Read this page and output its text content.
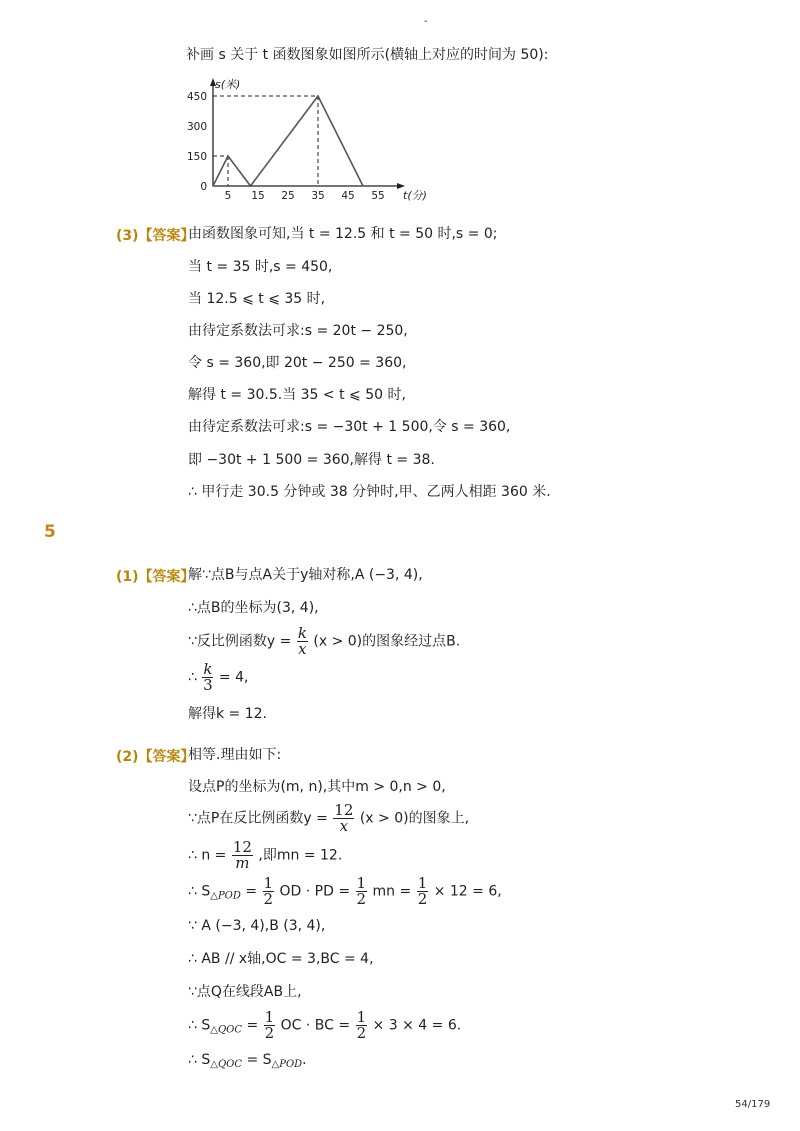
-
补画 s 关于 t 函数图象如图所示(横轴上对应的时间为 50):
450
300
150
0
5 15 25 35 45 55
s(米)
t(分)
(3)【答案】
由函数图象可知,当 t = 12.5 和 t = 50 时,s = 0;
当 t = 35 时,s = 450,
当 12.5 ⩽ t ⩽ 35 时,
由待定系数法可求:s = 20t − 250,
令 s = 360,即 20t − 250 = 360,
解得 t = 30.5.当 35 < t ⩽ 50 时,
由待定系数法可求:s = −30t + 1 500,令 s = 360,
即 −30t + 1 500 = 360,解得 t = 38.
∴ 甲行走 30.5 分钟或 38 分钟时,甲、乙两人相距 360 米.
5
(1)【答案】
解∵点B与点A关于y轴对称,A (−3, 4),
∴点B的坐标为(3, 4),
∵反比例函数$y = \frac{k}{x} (x > 0)$的图象经过点B.
∴ $\frac{k}{3} = 4$,
解得k = 12.
(2)【答案】
相等.理由如下:
设点P的坐标为(m, n),其中m > 0,n > 0,
∵点P在反比例函数$y = \frac{12}{x} (x > 0)$的图象上,
∴ $n = \frac{12}{m}$ ,即mn = 12.
∴ $S_{\triangle POD} = \frac{1}{2}$ OD · PD = $\frac{1}{2}$ mn = $\frac{1}{2} \times 12 = 6$,
∵ A (−3, 4),B (3, 4),
∴ AB // x轴,OC = 3,BC = 4,
∵点Q在线段AB上,
∴ $S_{\triangle QOC} = \frac{1}{2}$ OC · BC = $\frac{1}{2} \times 3 \times 4 = 6$.
∴ $S_{\triangle QOC} = S_{\triangle POD}$.
54/179
